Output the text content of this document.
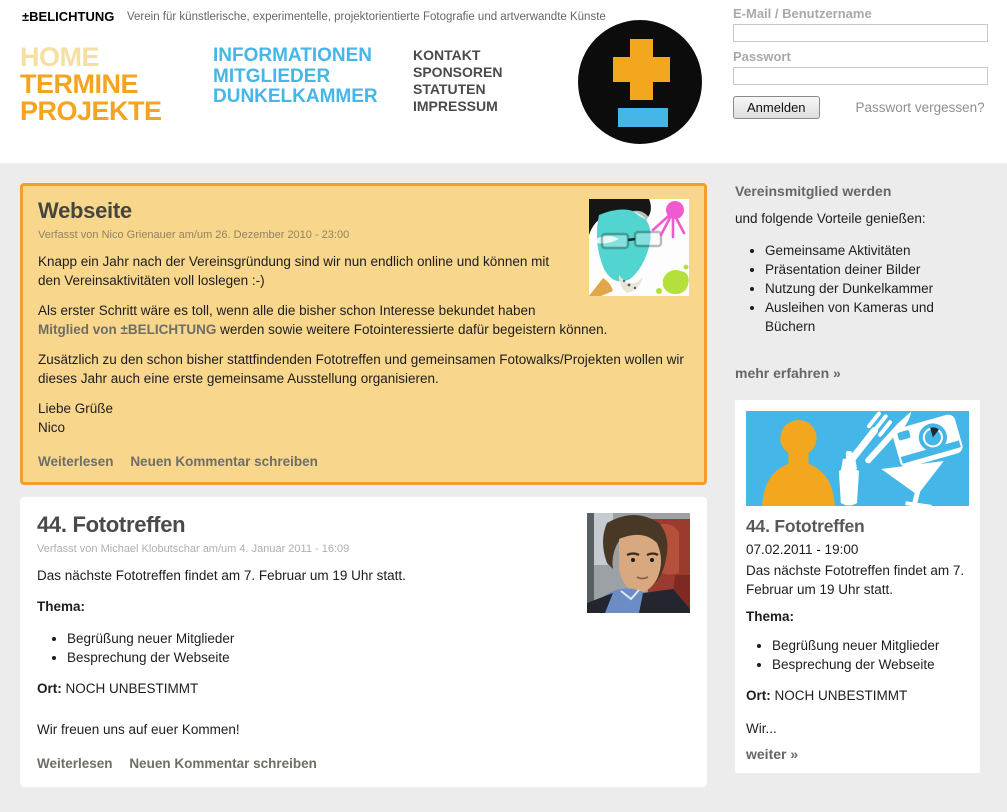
±BELICHTUNG Verein für künstlerische, experimentelle, projektorientierte Fotografie und artverwandte Künste
HOME
TERMINE
PROJEKTE
INFORMATIONEN
MITGLIEDER
DUNKELKAMMER
KONTAKT
SPONSOREN
STATUTEN
IMPRESSUM
E-Mail / Benutzername
Passwort
Anmelden	Passwort vergessen?
Webseite
Verfasst von Nico Grienauer am/um 26. Dezember 2010 - 23:00

Knapp ein Jahr nach der Vereinsgründung sind wir nun endlich online und können mit den Vereinsaktivitäten voll loslegen :-)

Als erster Schritt wäre es toll, wenn alle die bisher schon Interesse bekundet haben Mitglied von ±BELICHTUNG werden sowie weitere Fotointeressierte dafür begeistern können.

Zusätzlich zu den schon bisher stattfindenden Fototreffen und gemeinsamen Fotowalks/Projekten wollen wir dieses Jahr auch eine erste gemeinsame Ausstellung organisieren.

Liebe Grüße
Nico
Weiterlesen Neuen Kommentar schreiben
44. Fototreffen
Verfasst von Michael Klobutschar am/um 4. Januar 2011 - 16:09

Das nächste Fototreffen findet am 7. Februar um 19 Uhr statt.

Thema:

• Begrüßung neuer Mitglieder
• Besprechung der Webseite

Ort: NOCH UNBESTIMMT

Wir freuen uns auf euer Kommen!

Weiterlesen Neuen Kommentar schreiben
Vereinsmitglied werden

und folgende Vorteile genießen:

• Gemeinsame Aktivitäten
• Präsentation deiner Bilder
• Nutzung der Dunkelkammer
• Ausleihen von Kameras und Büchern
mehr erfahren »
44. Fototreffen
07.02.2011 - 19:00

Das nächste Fototreffen findet am 7. Februar um 19 Uhr statt.

Thema:
• Begrüßung neuer Mitglieder
• Besprechung der Webseite
Ort: NOCH UNBESTIMMT
Wir...
weiter »
